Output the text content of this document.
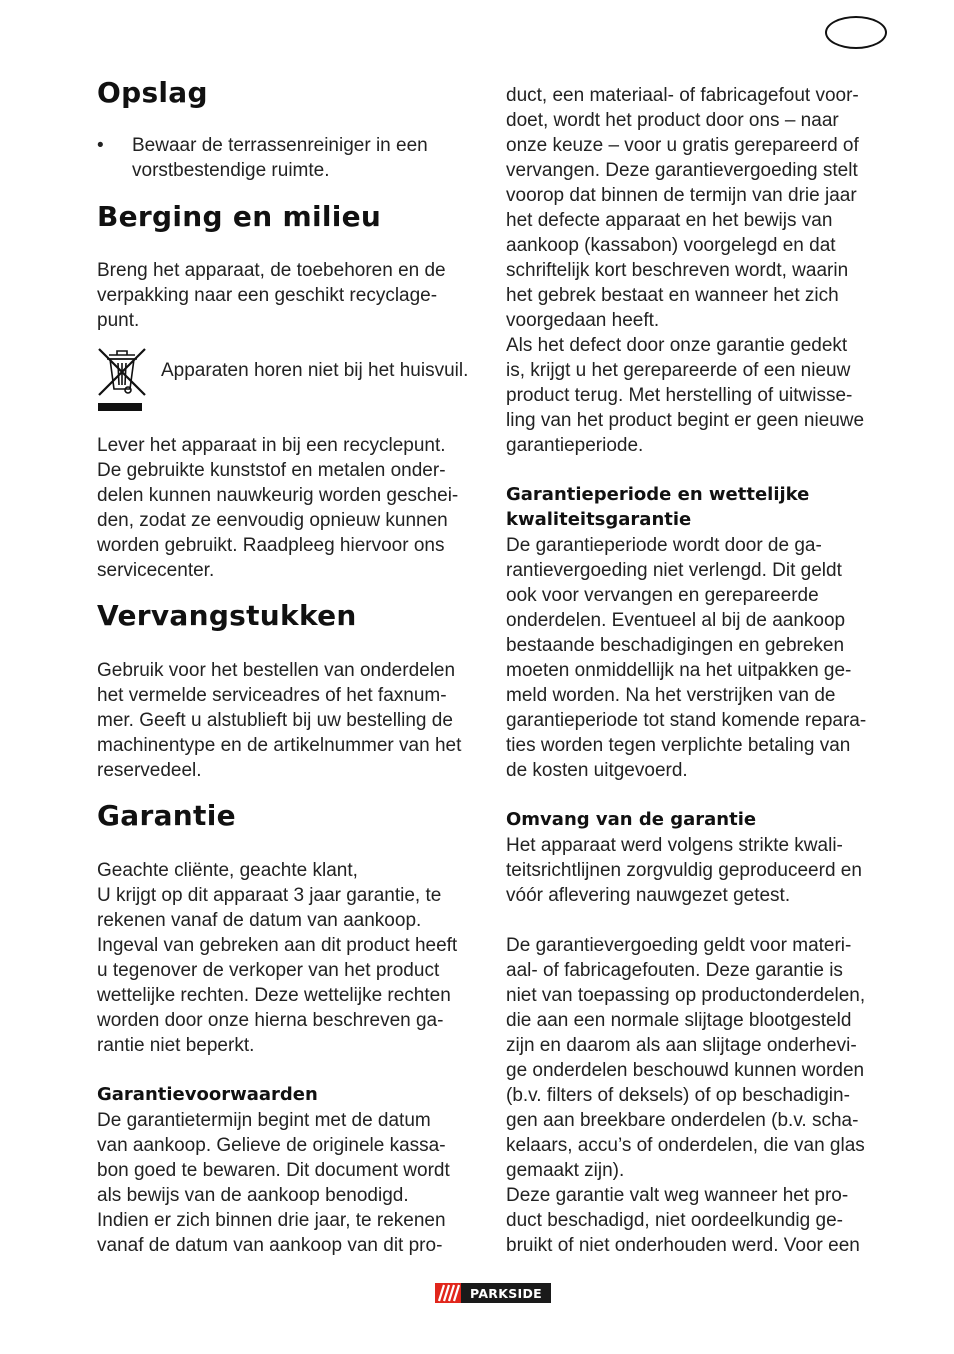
Opslag
• Bewaar de terrassenreiniger in een
vorstbestendige ruimte.
Berging en milieu
Breng het apparaat, de toebehoren en de
verpakking naar een geschikt recyclage-
punt.
Apparaten horen niet bij het huisvuil.
Lever het apparaat in bij een recyclepunt.
De gebruikte kunststof en metalen onder-
delen kunnen nauwkeurig worden geschei-
den, zodat ze eenvoudig opnieuw kunnen
worden gebruikt. Raadpleeg hiervoor ons
servicecenter.
Vervangstukken
Gebruik voor het bestellen van onderdelen
het vermelde serviceadres of het faxnum-
mer. Geeft u alstublieft bij uw bestelling de
machinentype en de artikelnummer van het
reservedeel.
Garantie
Geachte cliënte, geachte klant,
U krijgt op dit apparaat 3 jaar garantie, te
rekenen vanaf de datum van aankoop.
Ingeval van gebreken aan dit product heeft
u tegenover de verkoper van het product
wettelijke rechten. Deze wettelijke rechten
worden door onze hierna beschreven ga-
rantie niet beperkt.
Garantievoorwaarden
De garantietermijn begint met de datum
van aankoop. Gelieve de originele kassa-
bon goed te bewaren. Dit document wordt
als bewijs van de aankoop benodigd.
Indien er zich binnen drie jaar, te rekenen
vanaf de datum van aankoop van dit pro-
duct, een materiaal- of fabricagefout voor-
doet, wordt het product door ons – naar
onze keuze – voor u gratis gerepareerd of
vervangen. Deze garantievergoeding stelt
voorop dat binnen de termijn van drie jaar
het defecte apparaat en het bewijs van
aankoop (kassabon) voorgelegd en dat
schriftelijk kort beschreven wordt, waarin
het gebrek bestaat en wanneer het zich
voorgedaan heeft.
Als het defect door onze garantie gedekt
is, krijgt u het gerepareerde of een nieuw
product terug. Met herstelling of uitwisse-
ling van het product begint er geen nieuwe
garantieperiode.
Garantieperiode en wettelijke
kwaliteitsgarantie
De garantieperiode wordt door de ga-
rantievergoeding niet verlengd. Dit geldt
ook voor vervangen en gerepareerde
onderdelen. Eventueel al bij de aankoop
bestaande beschadigingen en gebreken
moeten onmiddellijk na het uitpakken ge-
meld worden. Na het verstrijken van de
garantieperiode tot stand komende repara-
ties worden tegen verplichte betaling van
de kosten uitgevoerd.
Omvang van de garantie
Het apparaat werd volgens strikte kwali-
teitsrichtlijnen zorgvuldig geproduceerd en
vóór aflevering nauwgezet getest.
De garantievergoeding geldt voor materi-
aal- of fabricagefouten. Deze garantie is
niet van toepassing op productonderdelen,
die aan een normale slijtage blootgesteld
zijn en daarom als aan slijtage onderhevi-
ge onderdelen beschouwd kunnen worden
(b.v. filters of deksels) of op beschadigin-
gen aan breekbare onderdelen (b.v. scha-
kelaars, accu’s of onderdelen, die van glas
gemaakt zijn).
Deze garantie valt weg wanneer het pro-
duct beschadigd, niet oordeelkundig ge-
bruikt of niet onderhouden werd. Voor een
PARKSIDE
